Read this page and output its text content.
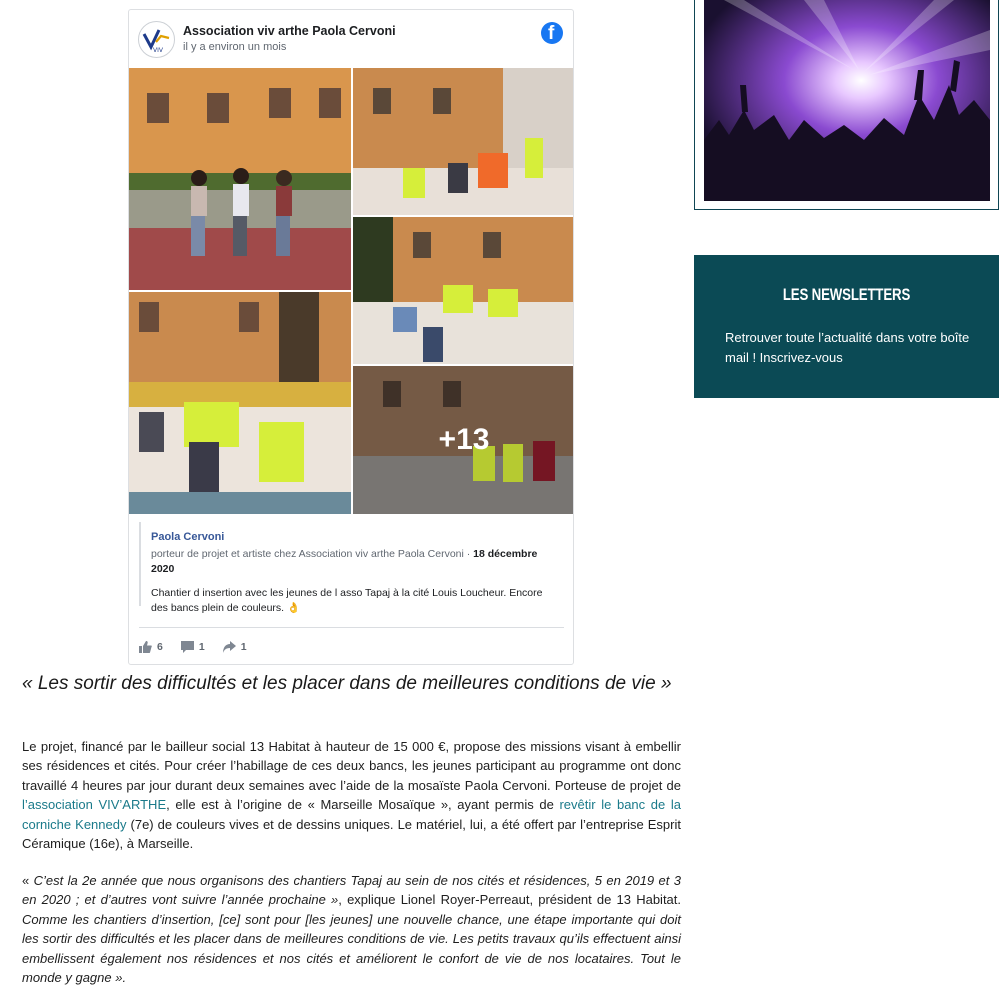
VIV
Association viv arthe Paola Cervoni
il y a environ un mois
f
+13
Paola Cervoni
porteur de projet et artiste chez Association viv arthe Paola Cervoni · 18 décembre 2020
Chantier d insertion avec les jeunes de l asso Tapaj à la cité Louis Loucheur. Encore des bancs plein de couleurs. 👌
6	1	1
« Les sortir des difficultés et les placer dans de meilleures conditions de vie »

Le projet, financé par le bailleur social 13 Habitat à hauteur de 15 000 €, propose des missions visant à embellir ses résidences et cités. Pour créer l’habillage de ces deux bancs, les jeunes participant au programme ont donc travaillé 4 heures par jour durant deux semaines avec l’aide de la mosaïste Paola Cervoni. Porteuse de projet de l’association VIV’ARTHE, elle est à l’origine de « Marseille Mosaïque », ayant permis de revêtir le banc de la corniche Kennedy (7e) de couleurs vives et de dessins uniques. Le matériel, lui, a été offert par l’entreprise Esprit Céramique (16e), à Marseille.

« C’est la 2e année que nous organisons des chantiers Tapaj au sein de nos cités et résidences, 5 en 2019 et 3 en 2020 ; et d’autres vont suivre l’année prochaine », explique Lionel Royer-Perreaut, président de 13 Habitat. Comme les chantiers d’insertion, [ce] sont pour [les jeunes] une nouvelle chance, une étape importante qui doit les sortir des difficultés et les placer dans de meilleures conditions de vie. Les petits travaux qu’ils effectuent ainsi embellissent également nos résidences et nos cités et améliorent le confort de vie de nos locataires. Tout le monde y gagne ».

LES NEWSLETTERS
Retrouver toute l’actualité dans votre boîte mail ! Inscrivez-vous
